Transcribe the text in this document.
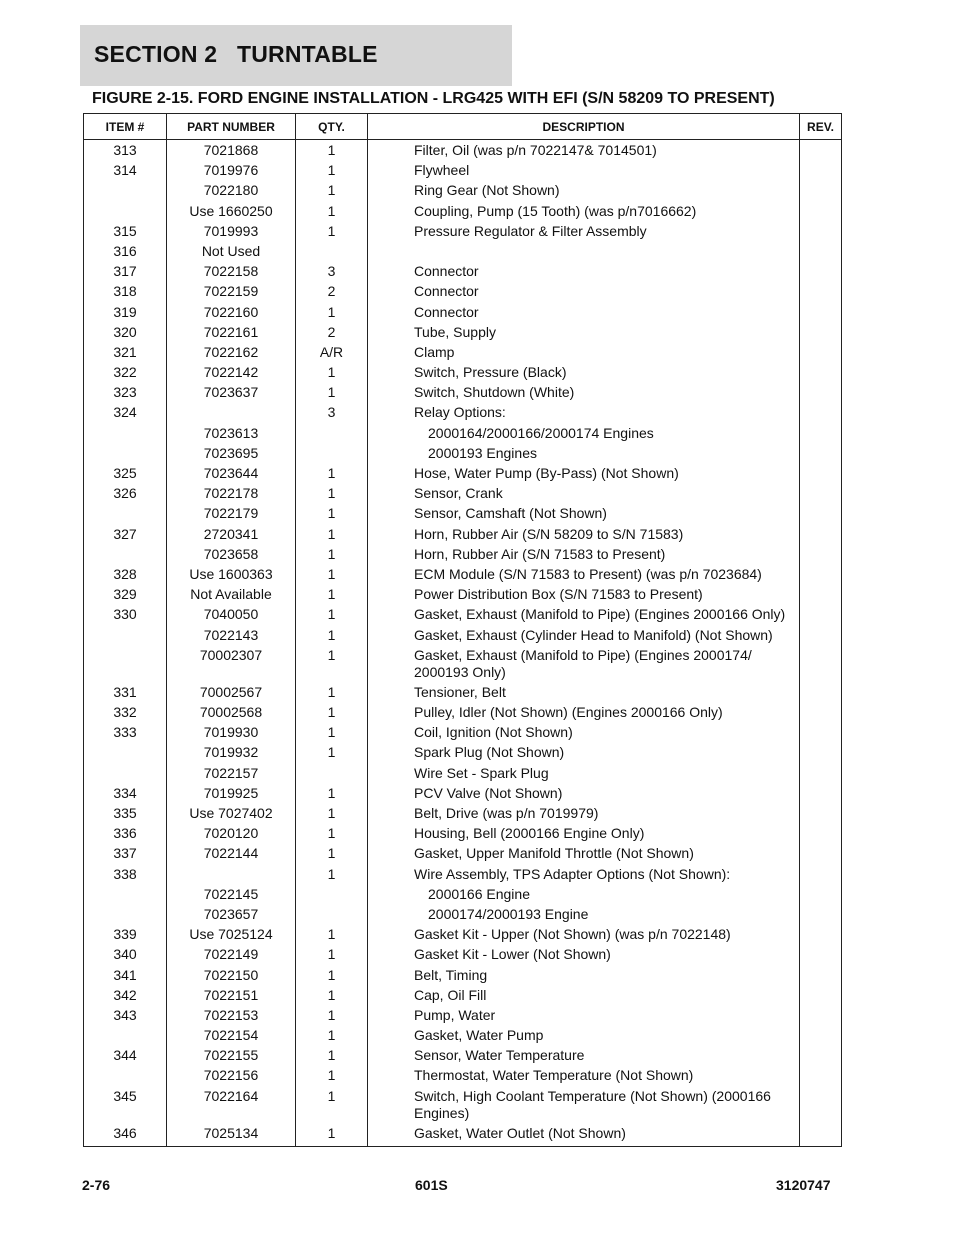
SECTION 2   TURNTABLE
FIGURE 2-15. FORD ENGINE INSTALLATION - LRG425 WITH EFI (S/N 58209 TO PRESENT)
ITEM #	PART NUMBER	QTY.	DESCRIPTION	REV.
313	7021868	1	Filter, Oil (was p/n 7022147& 7014501)	
314	7019976	1	Flywheel	
	7022180	1	Ring Gear (Not Shown)	
	Use 1660250	1	Coupling, Pump (15 Tooth) (was p/n7016662)	
315	7019993	1	Pressure Regulator & Filter Assembly	
316	Not Used			
317	7022158	3	Connector	
318	7022159	2	Connector	
319	7022160	1	Connector	
320	7022161	2	Tube, Supply	
321	7022162	A/R	Clamp	
322	7022142	1	Switch, Pressure (Black)	
323	7023637	1	Switch, Shutdown (White)	
324		3	Relay Options:	
	7023613		2000164/2000166/2000174 Engines	
	7023695		2000193 Engines	
325	7023644	1	Hose, Water Pump (By-Pass) (Not Shown)	
326	7022178	1	Sensor, Crank	
	7022179	1	Sensor, Camshaft (Not Shown)	
327	2720341	1	Horn, Rubber Air (S/N 58209 to S/N 71583)	
	7023658	1	Horn, Rubber Air (S/N 71583 to Present)	
328	Use 1600363	1	ECM Module (S/N 71583 to Present) (was p/n 7023684)	
329	Not Available	1	Power Distribution Box (S/N 71583 to Present)	
330	7040050	1	Gasket, Exhaust (Manifold to Pipe) (Engines 2000166 Only)	
	7022143	1	Gasket, Exhaust (Cylinder Head to Manifold) (Not Shown)	
	70002307	1	Gasket, Exhaust (Manifold to Pipe) (Engines 2000174/ 2000193 Only)	
331	70002567	1	Tensioner, Belt	
332	70002568	1	Pulley, Idler (Not Shown) (Engines 2000166 Only)	
333	7019930	1	Coil, Ignition (Not Shown)	
	7019932	1	Spark Plug (Not Shown)	
	7022157		Wire Set - Spark Plug	
334	7019925	1	PCV Valve (Not Shown)	
335	Use 7027402	1	Belt, Drive (was p/n 7019979)	
336	7020120	1	Housing, Bell (2000166 Engine Only)	
337	7022144	1	Gasket, Upper Manifold Throttle (Not Shown)	
338		1	Wire Assembly, TPS Adapter Options (Not Shown):	
	7022145		2000166 Engine	
	7023657		2000174/2000193 Engine	
339	Use 7025124	1	Gasket Kit - Upper (Not Shown) (was p/n 7022148)	
340	7022149	1	Gasket Kit - Lower (Not Shown)	
341	7022150	1	Belt, Timing	
342	7022151	1	Cap, Oil Fill	
343	7022153	1	Pump, Water	
	7022154	1	Gasket, Water Pump	
344	7022155	1	Sensor, Water Temperature	
	7022156	1	Thermostat, Water Temperature (Not Shown)	
345	7022164	1	Switch, High Coolant Temperature (Not Shown) (2000166 Engines)	
346	7025134	1	Gasket, Water Outlet (Not Shown)	
2-76	601S	3120747
